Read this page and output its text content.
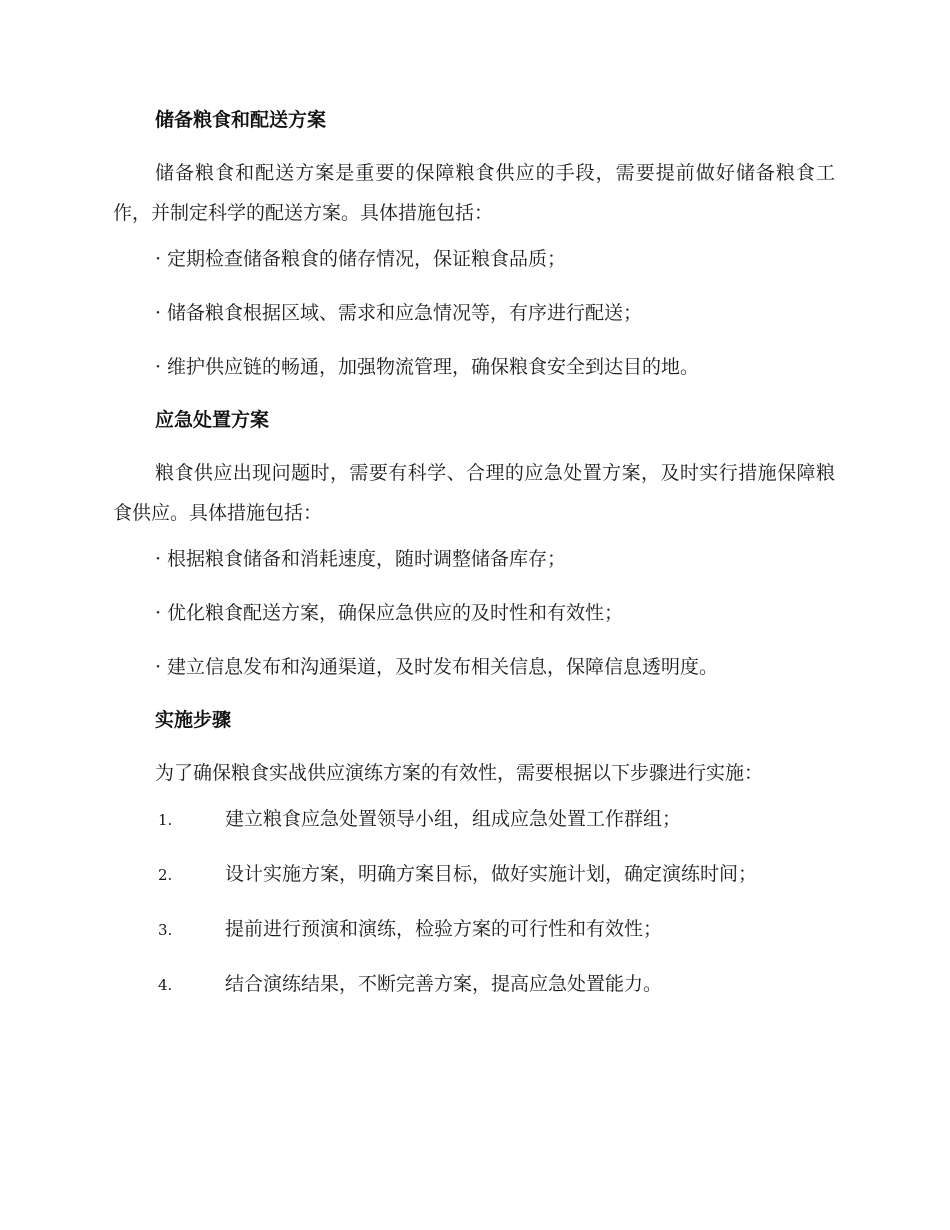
储备粮食和配送方案

储备粮食和配送方案是重要的保障粮食供应的手段，需要提前做好储备粮食工作，并制定科学的配送方案。具体措施包括：

· 定期检查储备粮食的储存情况，保证粮食品质；
· 储备粮食根据区域、需求和应急情况等，有序进行配送；
· 维护供应链的畅通，加强物流管理，确保粮食安全到达目的地。
应急处置方案

粮食供应出现问题时，需要有科学、合理的应急处置方案，及时实行措施保障粮食供应。具体措施包括：

· 根据粮食储备和消耗速度，随时调整储备库存；
· 优化粮食配送方案，确保应急供应的及时性和有效性；
· 建立信息发布和沟通渠道，及时发布相关信息，保障信息透明度。
实施步骤

为了确保粮食实战供应演练方案的有效性，需要根据以下步骤进行实施：

1.	建立粮食应急处置领导小组，组成应急处置工作群组；
2.	设计实施方案，明确方案目标，做好实施计划，确定演练时间；
3.	提前进行预演和演练，检验方案的可行性和有效性；
4.	结合演练结果，不断完善方案，提高应急处置能力。
